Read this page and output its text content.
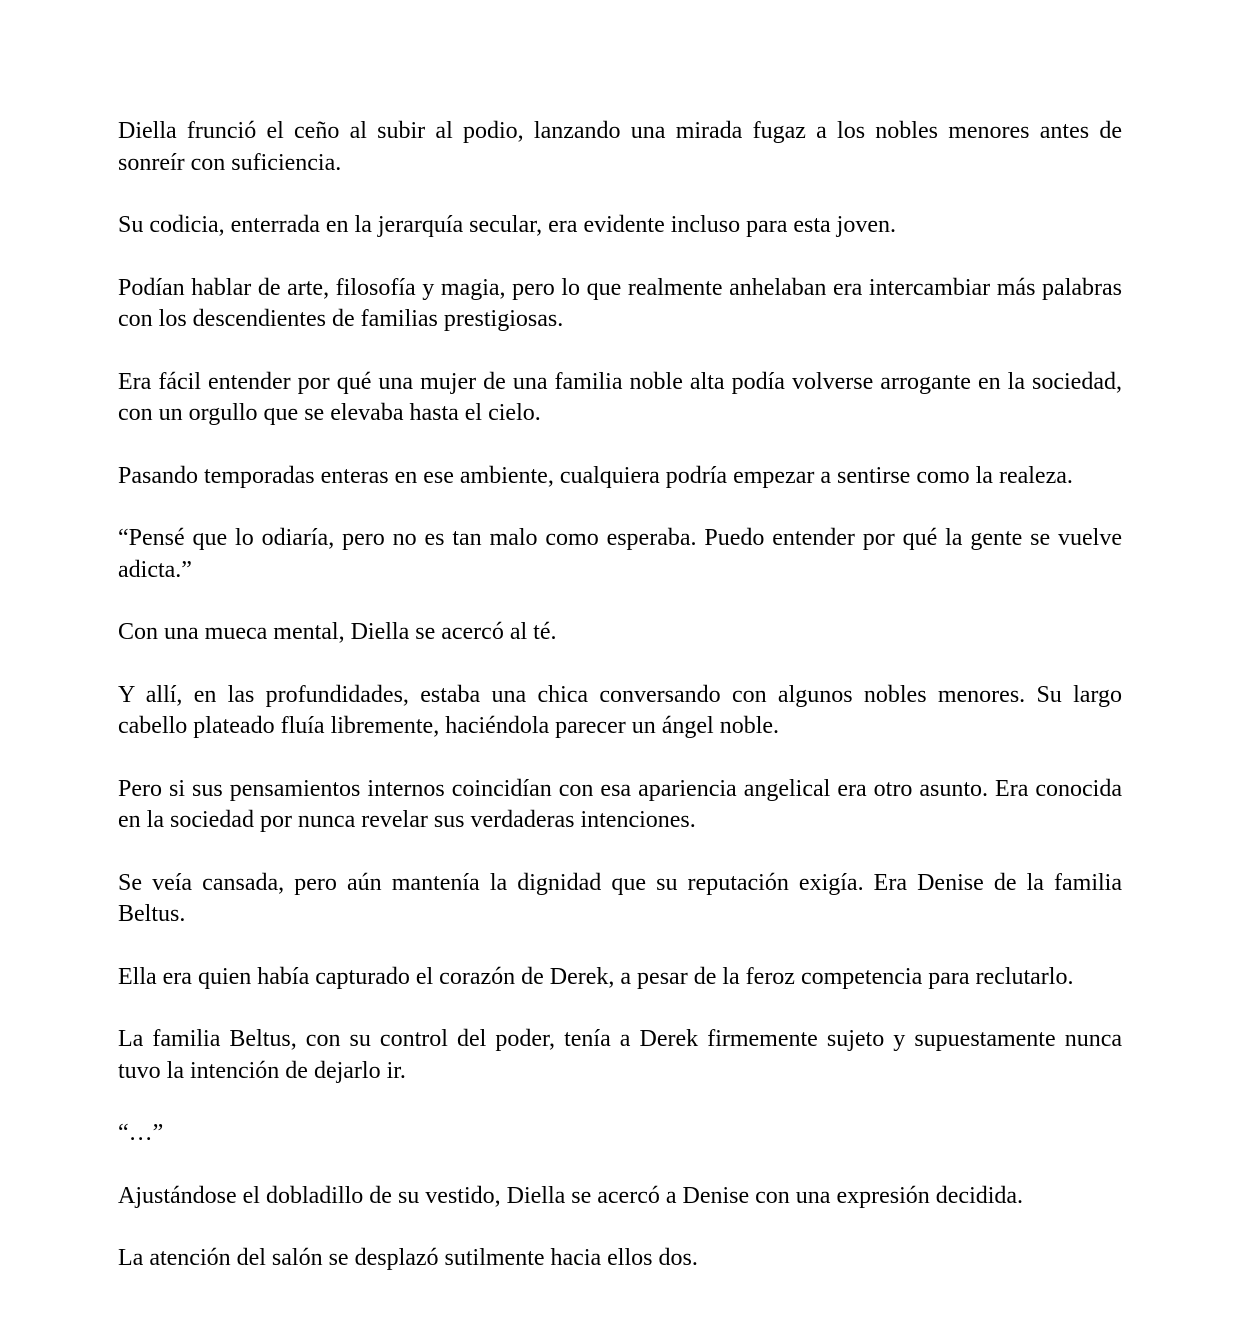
Diella frunció el ceño al subir al podio, lanzando una mirada fugaz a los nobles menores antes de sonreír con suficiencia.

Su codicia, enterrada en la jerarquía secular, era evidente incluso para esta joven.

Podían hablar de arte, filosofía y magia, pero lo que realmente anhelaban era intercambiar más palabras con los descendientes de familias prestigiosas.

Era fácil entender por qué una mujer de una familia noble alta podía volverse arrogante en la sociedad, con un orgullo que se elevaba hasta el cielo.

Pasando temporadas enteras en ese ambiente, cualquiera podría empezar a sentirse como la realeza.

“Pensé que lo odiaría, pero no es tan malo como esperaba. Puedo entender por qué la gente se vuelve adicta.”

Con una mueca mental, Diella se acercó al té.

Y allí, en las profundidades, estaba una chica conversando con algunos nobles menores. Su largo cabello plateado fluía libremente, haciéndola parecer un ángel noble.

Pero si sus pensamientos internos coincidían con esa apariencia angelical era otro asunto. Era conocida en la sociedad por nunca revelar sus verdaderas intenciones.

Se veía cansada, pero aún mantenía la dignidad que su reputación exigía. Era Denise de la familia Beltus.

Ella era quien había capturado el corazón de Derek, a pesar de la feroz competencia para reclutarlo.

La familia Beltus, con su control del poder, tenía a Derek firmemente sujeto y supuestamente nunca tuvo la intención de dejarlo ir.

“…”

Ajustándose el dobladillo de su vestido, Diella se acercó a Denise con una expresión decidida.

La atención del salón se desplazó sutilmente hacia ellos dos.
